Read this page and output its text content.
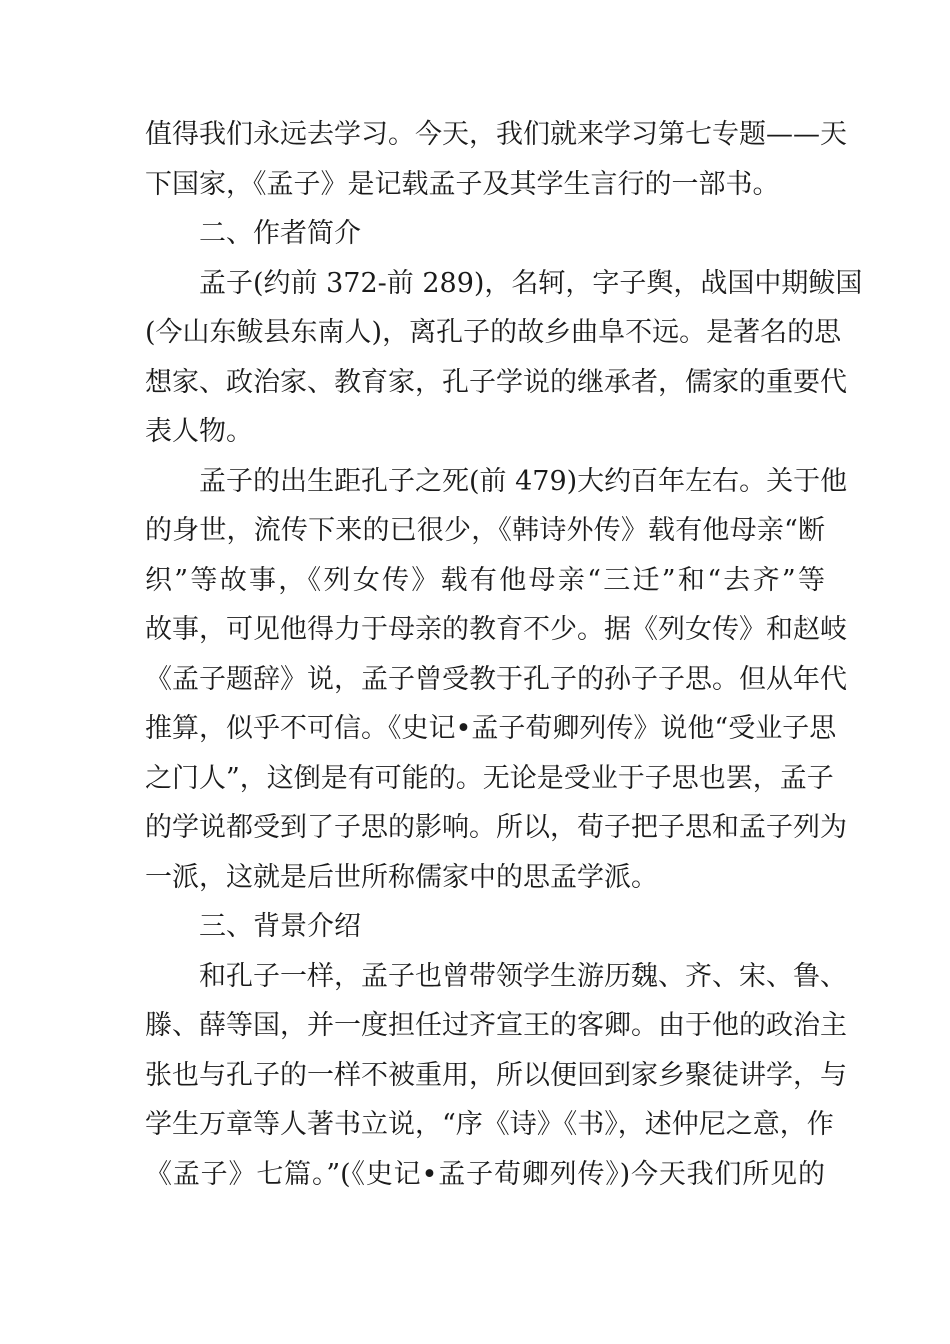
值得我们永远去学习。今天，我们就来学习第七专题——天
下国家，《孟子》是记载孟子及其学生言行的一部书。
二、作者简介
孟子(约前 372-前 289)，名轲，字子舆，战国中期鲅国
(今山东鲅县东南人)，离孔子的故乡曲阜不远。是著名的思
想家、政治家、教育家，孔子学说的继承者，儒家的重要代
表人物。
孟子的出生距孔子之死(前 479)大约百年左右。关于他
的身世，流传下来的已很少，《韩诗外传》载有他母亲“断
织”等故事，《列女传》载有他母亲“三迁”和“去齐”等
故事，可见他得力于母亲的教育不少。据《列女传》和赵岐
《孟子题辞》说，孟子曾受教于孔子的孙子子思。但从年代
推算，似乎不可信。《史记•孟子荀卿列传》说他“受业子思
之门人”，这倒是有可能的。无论是受业于子思也罢，孟子
的学说都受到了子思的影响。所以，荀子把子思和孟子列为
一派，这就是后世所称儒家中的思孟学派。
三、背景介绍
和孔子一样，孟子也曾带领学生游历魏、齐、宋、鲁、
滕、薛等国，并一度担任过齐宣王的客卿。由于他的政治主
张也与孔子的一样不被重用，所以便回到家乡聚徒讲学，与
学生万章等人著书立说，“序《诗》《书》，述仲尼之意，作
《孟子》七篇。”(《史记•孟子荀卿列传》)今天我们所见的
